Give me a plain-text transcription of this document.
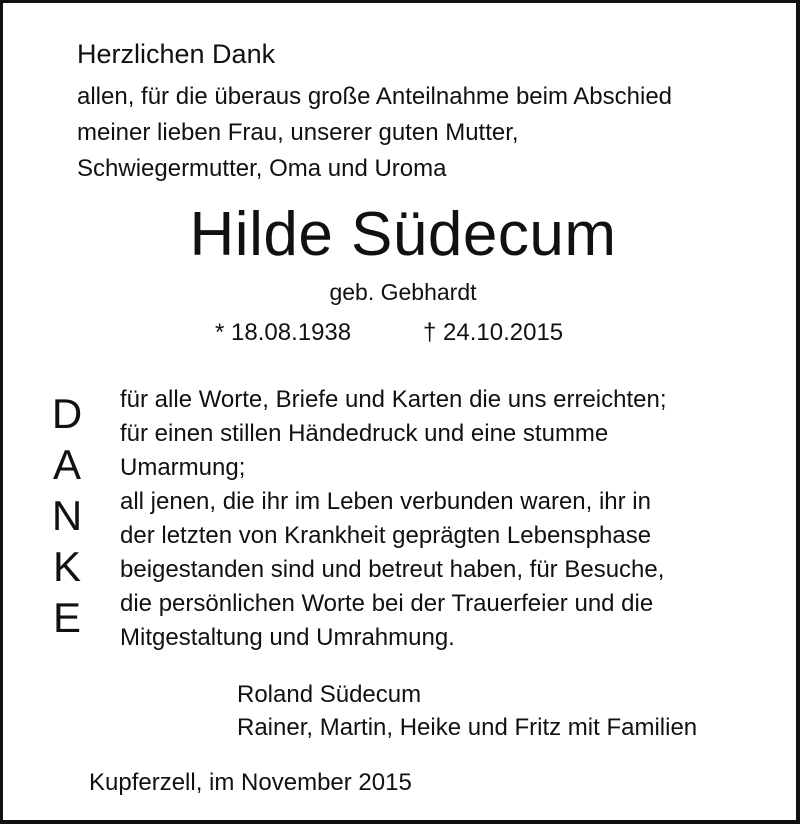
Herzlichen Dank
allen, für die überaus große Anteilnahme beim Abschied
meiner lieben Frau, unserer guten Mutter,
Schwiegermutter, Oma und Uroma
Hilde Südecum
geb. Gebhardt
* 18.08.1938	† 24.10.2015
D
A
N
K
E
für alle Worte, Briefe und Karten die uns erreichten;
für einen stillen Händedruck und eine stumme
Umarmung;
all jenen, die ihr im Leben verbunden waren, ihr in
der letzten von Krankheit geprägten Lebensphase
beigestanden sind und betreut haben, für Besuche,
die persönlichen Worte bei der Trauerfeier und die
Mitgestaltung und Umrahmung.
Roland Südecum
Rainer, Martin, Heike und Fritz mit Familien
Kupferzell, im November 2015
